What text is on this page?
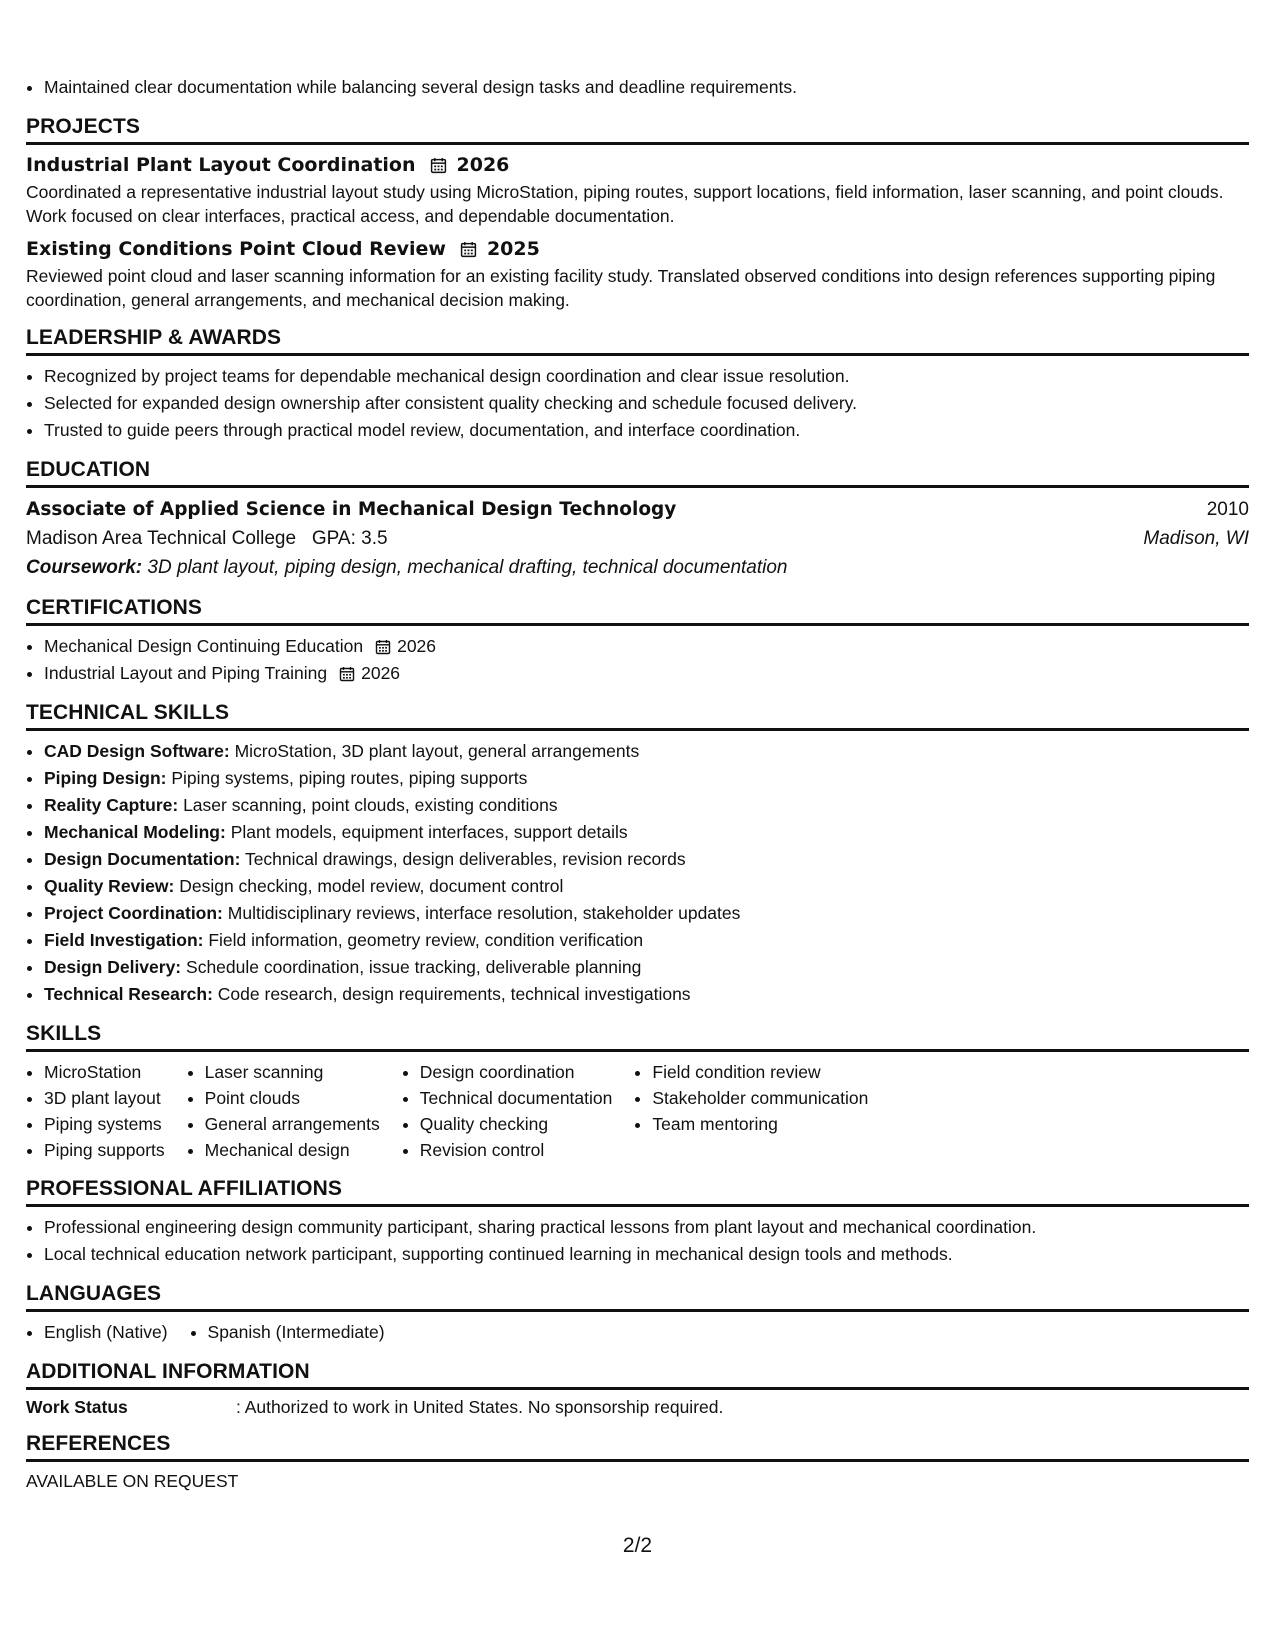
• Maintained clear documentation while balancing several design tasks and deadline requirements.
PROJECTS
Industrial Plant Layout Coordination 2026
Coordinated a representative industrial layout study using MicroStation, piping routes, support locations, field information, laser scanning, and point clouds. Work focused on clear interfaces, practical access, and dependable documentation.
Existing Conditions Point Cloud Review 2025
Reviewed point cloud and laser scanning information for an existing facility study. Translated observed conditions into design references supporting piping coordination, general arrangements, and mechanical decision making.
LEADERSHIP & AWARDS
• Recognized by project teams for dependable mechanical design coordination and clear issue resolution.
• Selected for expanded design ownership after consistent quality checking and schedule focused delivery.
• Trusted to guide peers through practical model review, documentation, and interface coordination.
EDUCATION
Associate of Applied Science in Mechanical Design Technology	2010
Madison Area Technical College GPA: 3.5	Madison, WI
Coursework: 3D plant layout, piping design, mechanical drafting, technical documentation
CERTIFICATIONS
• Mechanical Design Continuing Education 2026
• Industrial Layout and Piping Training 2026
TECHNICAL SKILLS
• CAD Design Software: MicroStation, 3D plant layout, general arrangements
• Piping Design: Piping systems, piping routes, piping supports
• Reality Capture: Laser scanning, point clouds, existing conditions
• Mechanical Modeling: Plant models, equipment interfaces, support details
• Design Documentation: Technical drawings, design deliverables, revision records
• Quality Review: Design checking, model review, document control
• Project Coordination: Multidisciplinary reviews, interface resolution, stakeholder updates
• Field Investigation: Field information, geometry review, condition verification
• Design Delivery: Schedule coordination, issue tracking, deliverable planning
• Technical Research: Code research, design requirements, technical investigations
SKILLS
• MicroStation
• 3D plant layout
• Piping systems
• Piping supports
• Laser scanning
• Point clouds
• General arrangements
• Mechanical design
• Design coordination
• Technical documentation
• Quality checking
• Revision control
• Field condition review
• Stakeholder communication
• Team mentoring
PROFESSIONAL AFFILIATIONS
• Professional engineering design community participant, sharing practical lessons from plant layout and mechanical coordination.
• Local technical education network participant, supporting continued learning in mechanical design tools and methods.
LANGUAGES
• English (Native)
• Spanish (Intermediate)
ADDITIONAL INFORMATION
Work Status	: Authorized to work in United States. No sponsorship required.
REFERENCES
AVAILABLE ON REQUEST
2/2
